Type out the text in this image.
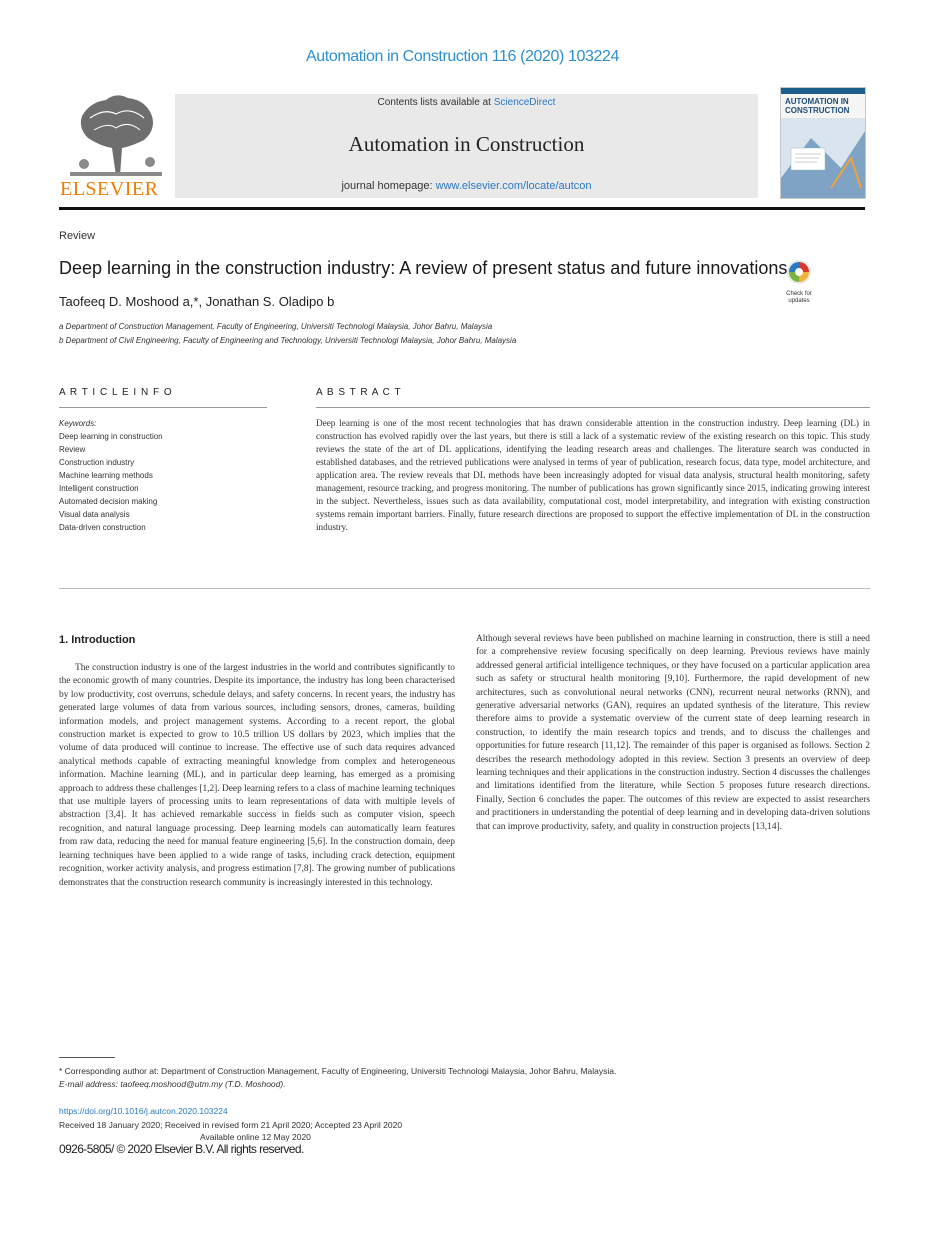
Automation in Construction 116 (2020) 103224
ELSEVIER
Contents lists available at ScienceDirect
Automation in Construction
journal homepage: www.elsevier.com/locate/autcon
AUTOMATION IN
CONSTRUCTION
Review
Deep learning in the construction industry: A review of present status and future innovations
Check for
updates
Taofeeq D. Moshood a,*, Jonathan S. Oladipo b
a Department of Construction Management, Faculty of Engineering, Universiti Technologi Malaysia, Johor Bahru, Malaysia
b Department of Civil Engineering, Faculty of Engineering and Technology, Universiti Technologi Malaysia, Johor Bahru, Malaysia
A R T I C L E I N F O
Keywords:
Deep learning in construction
Review
Construction industry
Machine learning methods
Intelligent construction
Automated decision making
Visual data analysis
Data-driven construction
A B S T R A C T
Deep learning is one of the most recent technologies that has drawn considerable attention in the construction industry. Deep learning (DL) in construction has evolved rapidly over the last years, but there is still a lack of a systematic review of the existing research on this topic. This study reviews the state of the art of DL applications, identifying the leading research areas and challenges. The literature search was conducted in established databases, and the retrieved publications were analysed in terms of year of publication, research focus, data type, model architecture, and application area. The review reveals that DL methods have been increasingly adopted for visual data analysis, structural health monitoring, safety management, resource tracking, and progress monitoring. The number of publications has grown significantly since 2015, indicating growing interest in the subject. Nevertheless, issues such as data availability, computational cost, model interpretability, and integration with existing construction systems remain important barriers. Finally, future research directions are proposed to support the effective implementation of DL in the construction industry.
1. Introduction
The construction industry is one of the largest industries in the world and contributes significantly to the economic growth of many countries. Despite its importance, the industry has long been characterised by low productivity, cost overruns, schedule delays, and safety concerns. In recent years, the industry has generated large volumes of data from various sources, including sensors, drones, cameras, building information models, and project management systems. According to a recent report, the global construction market is expected to grow to 10.5 trillion US dollars by 2023, which implies that the volume of data produced will continue to increase. The effective use of such data requires advanced analytical methods capable of extracting meaningful knowledge from complex and heterogeneous information. Machine learning (ML), and in particular deep learning, has emerged as a promising approach to address these challenges [1,2]. Deep learning refers to a class of machine learning techniques that use multiple layers of processing units to learn representations of data with multiple levels of abstraction [3,4]. It has achieved remarkable success in fields such as computer vision, speech recognition, and natural language processing. Deep learning models can automatically learn features from raw data, reducing the need for manual feature engineering [5,6]. In the construction domain, deep learning techniques have been applied to a wide range of tasks, including crack detection, equipment recognition, worker activity analysis, and progress estimation [7,8]. The growing number of publications demonstrates that the construction research community is increasingly interested in this technology.
Although several reviews have been published on machine learning in construction, there is still a need for a comprehensive review focusing specifically on deep learning. Previous reviews have mainly addressed general artificial intelligence techniques, or they have focused on a particular application area such as safety or structural health monitoring [9,10]. Furthermore, the rapid development of new architectures, such as convolutional neural networks (CNN), recurrent neural networks (RNN), and generative adversarial networks (GAN), requires an updated synthesis of the literature. This review therefore aims to provide a systematic overview of the current state of deep learning research in construction, to identify the main research topics and trends, and to discuss the challenges and opportunities for future research [11,12]. The remainder of this paper is organised as follows. Section 2 describes the research methodology adopted in this review. Section 3 presents an overview of deep learning techniques and their applications in the construction industry. Section 4 discusses the challenges and limitations identified from the literature, while Section 5 proposes future research directions. Finally, Section 6 concludes the paper. The outcomes of this review are expected to assist researchers and practitioners in understanding the potential of deep learning and in developing data-driven solutions that can improve productivity, safety, and quality in construction projects [13,14].
* Corresponding author at: Department of Construction Management, Faculty of Engineering, Universiti Technologi Malaysia, Johor Bahru, Malaysia.
E-mail address: taofeeq.moshood@utm.my (T.D. Moshood).
https://doi.org/10.1016/j.autcon.2020.103224
Received 18 January 2020; Received in revised form 21 April 2020; Accepted 23 April 2020
Available online 12 May 2020
0926-5805/ © 2020 Elsevier B.V. All rights reserved.
